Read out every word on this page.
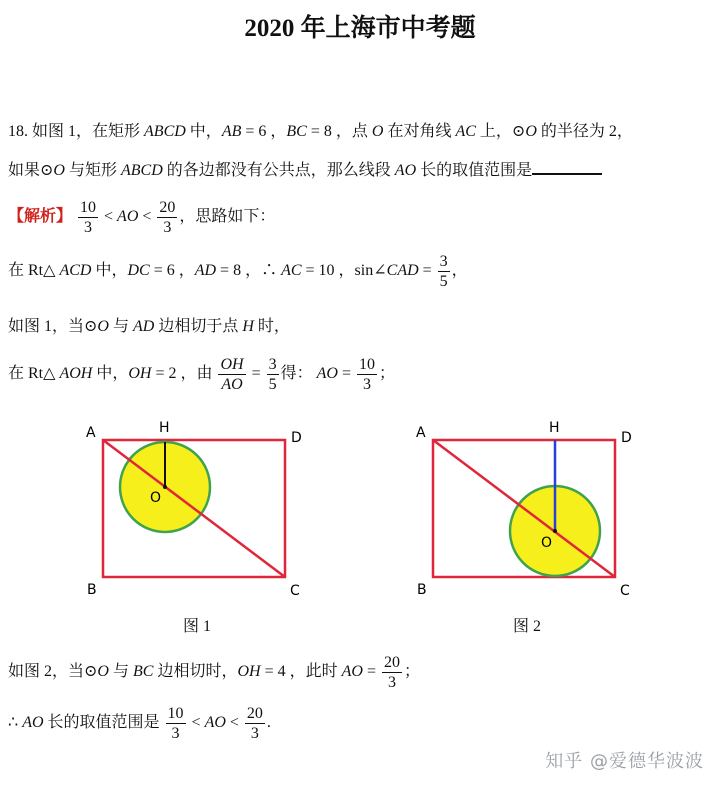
2020 年上海市中考题
18. 如图 1，在矩形 ABCD 中，AB = 6 ，BC = 8 ，点 O 在对角线 AC 上，⊙O 的半径为 2，
如果⊙O 与矩形 ABCD 的各边都没有公共点，那么线段 AO 长的取值范围是
【解析】 $\frac{10}{3}$ < AO < $\frac{20}{3}$ ，思路如下：
在 Rt△ ACD 中，DC = 6 ，AD = 8 ，∴ AC = 10 ，sin∠CAD = $\frac{3}{5}$ ，
如图 1，当⊙O 与 AD 边相切于点 H 时，
在 Rt△ AOH 中，OH = 2 ，由 $\frac{OH}{AO} = \frac{3}{5}$ 得： AO = $\frac{10}{3}$ ；
A	H
D
O
B	C
A	H
D
O
B	C
图 1	图 2
如图 2，当⊙O 与 BC 边相切时，OH = 4 ，此时 AO = $\frac{20}{3}$ ；
∴ AO 长的取值范围是 $\frac{10}{3}$ < AO < $\frac{20}{3}$ .
知乎 @爱德华波波
